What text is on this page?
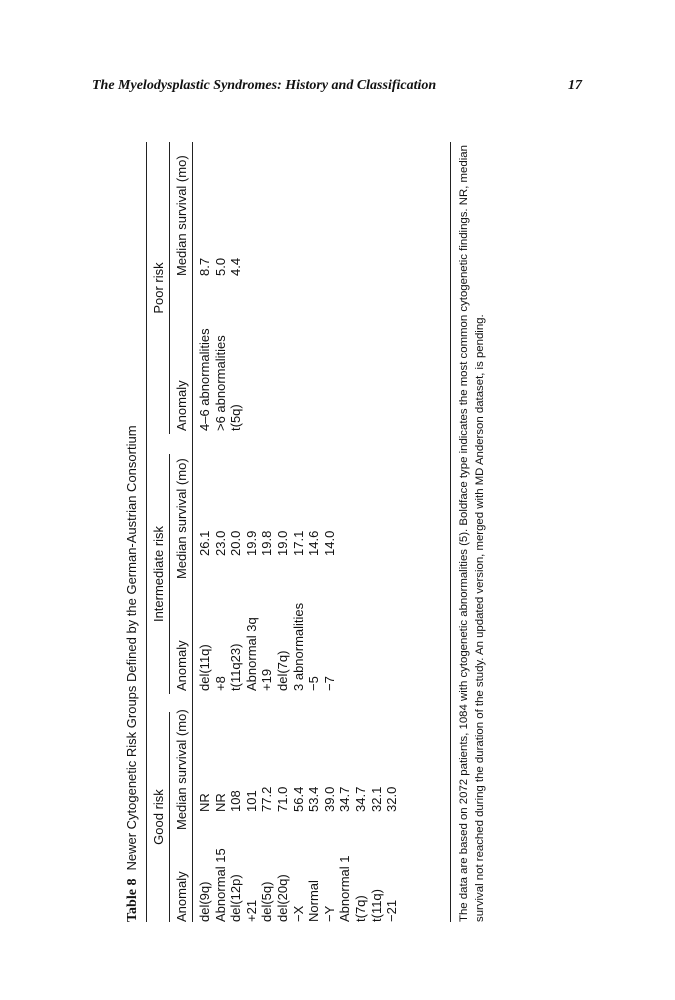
The Myelodysplastic Syndromes: History and Classification	17
Table 8Newer Cytogenetic Risk Groups Defined by the German-Austrian Consortium Good risk
Intermediate risk
Poor risk
Anomaly
Median survival (mo)
Anomaly
Median survival (mo)
Anomaly
Median survival (mo)
del(9q) Abnormal 15 del(12p) +21 del(5q) del(20q) −X Normal −Y Abnormal 1 t(7q) t(11q) −21
NR NR 108 101 77.2 71.0 56.4 53.4 39.0 34.7 34.7 32.1 32.0
del(11q) +8 t(11q23) Abnormal 3q +19 del(7q) 3 abnormalities −5 −7
26.1 23.0 20.0 19.9 19.8 19.0 17.1 14.6 14.0
4–6 abnormalities >6 abnormalities t(5q)
8.7 5.0 4.4	The data are based on 2072 patients, 1084 with cytogenetic abnormalities (5). Boldface type indicates the most common cytogenetic findings. NR, median survival not reached during the duration of the study. An updated version, merged with MD Anderson dataset, is pending.
